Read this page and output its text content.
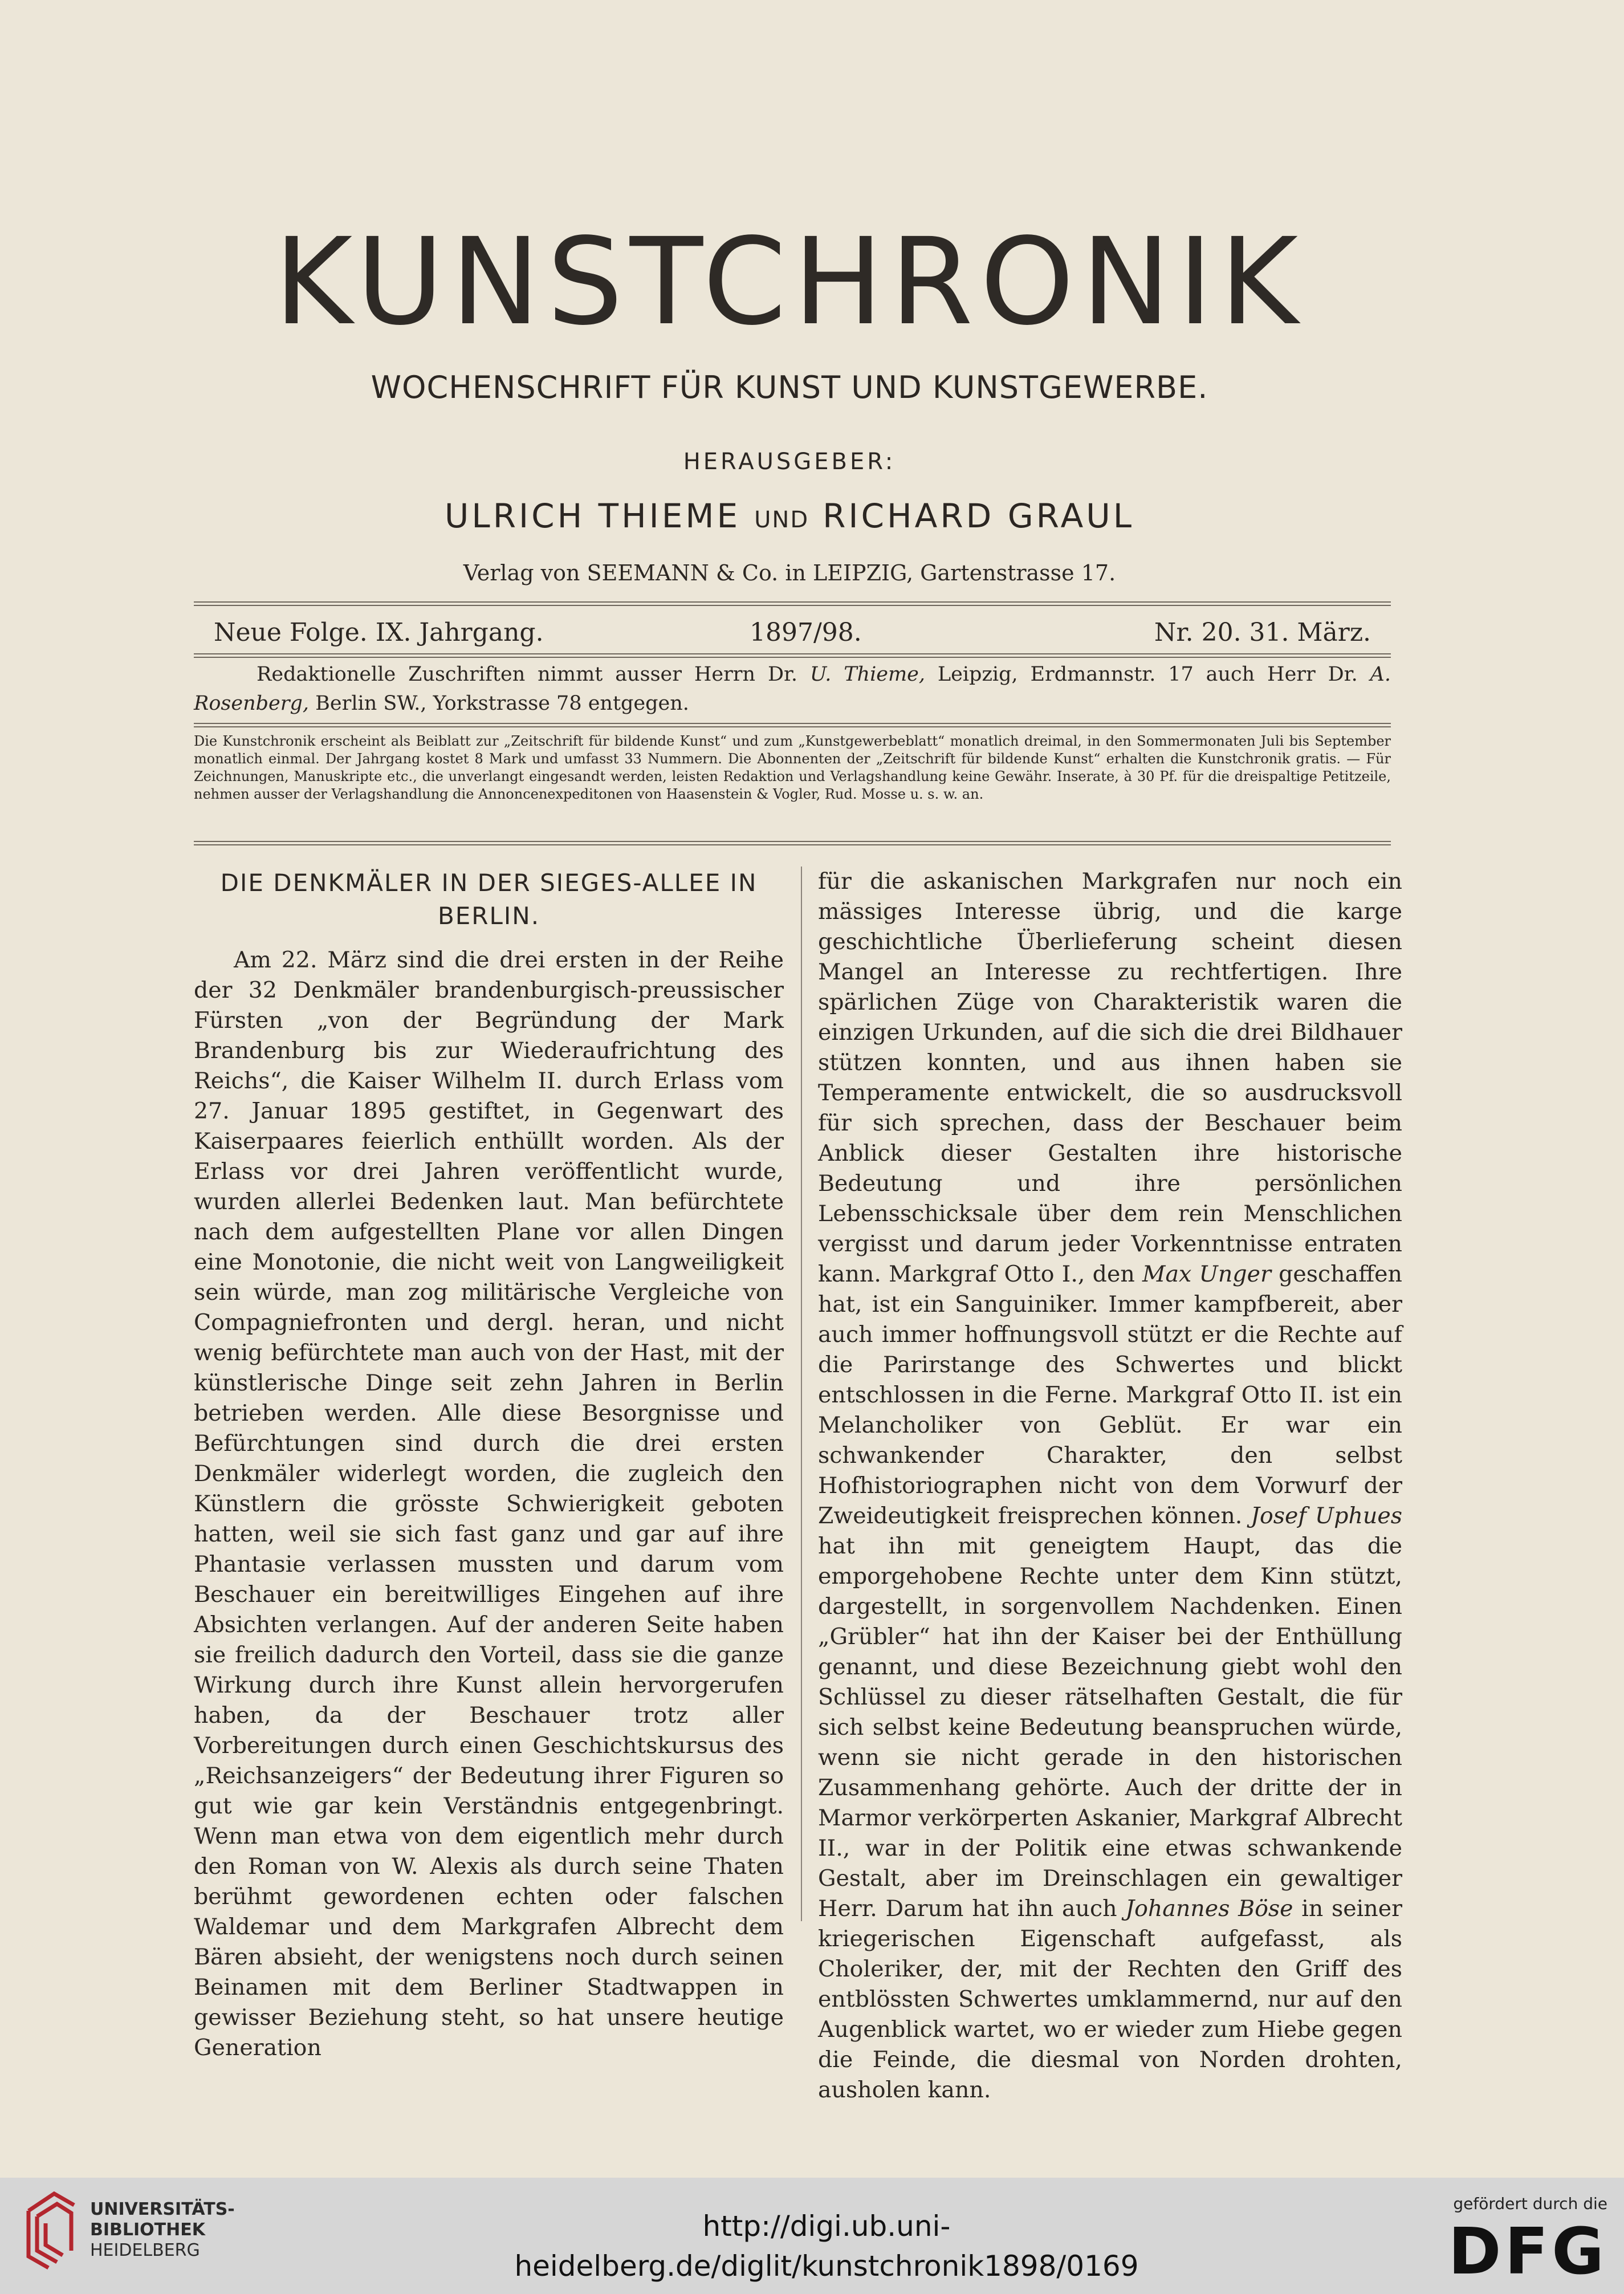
KUNSTCHRONIK
WOCHENSCHRIFT FÜR KUNST UND KUNSTGEWERBE.
HERAUSGEBER:
ULRICH THIEME UND RICHARD GRAUL
Verlag von SEEMANN & Co. in LEIPZIG, Gartenstrasse 17.
Neue Folge. IX. Jahrgang.	1897/98.	Nr. 20. 31. März.
Redaktionelle Zuschriften nimmt ausser Herrn Dr. U. Thieme, Leipzig, Erdmannstr. 17 auch Herr Dr. A. Rosenberg, Berlin SW., Yorkstrasse 78 entgegen.
Die Kunstchronik erscheint als Beiblatt zur „Zeitschrift für bildende Kunst“ und zum „Kunstgewerbeblatt“ monatlich dreimal, in den Sommermonaten Juli bis September monatlich einmal. Der Jahrgang kostet 8 Mark und umfasst 33 Nummern. Die Abonnenten der „Zeitschrift für bildende Kunst“ erhalten die Kunstchronik gratis. — Für Zeichnungen, Manuskripte etc., die unverlangt eingesandt werden, leisten Redaktion und Verlagshandlung keine Gewähr. Inserate, à 30 Pf. für die dreispaltige Petitzeile, nehmen ausser der Verlagshandlung die Annoncenexpeditonen von Haasenstein & Vogler, Rud. Mosse u. s. w. an.
DIE DENKMÄLER IN DER SIEGES-ALLEE IN BERLIN.

Am 22. März sind die drei ersten in der Reihe der 32 Denkmäler brandenburgisch-preussischer Fürsten „von der Begründung der Mark Brandenburg bis zur Wiederaufrichtung des Reichs“, die Kaiser Wilhelm II. durch Erlass vom 27. Januar 1895 gestiftet, in Gegenwart des Kaiserpaares feierlich enthüllt worden. Als der Erlass vor drei Jahren veröffentlicht wurde, wurden allerlei Bedenken laut. Man befürchtete nach dem aufgestellten Plane vor allen Dingen eine Monotonie, die nicht weit von Langweiligkeit sein würde, man zog militärische Vergleiche von Compagniefronten und dergl. heran, und nicht wenig befürchtete man auch von der Hast, mit der künstlerische Dinge seit zehn Jahren in Berlin betrieben werden. Alle diese Besorgnisse und Befürchtungen sind durch die drei ersten Denkmäler widerlegt worden, die zugleich den Künstlern die grösste Schwierigkeit geboten hatten, weil sie sich fast ganz und gar auf ihre Phantasie verlassen mussten und darum vom Beschauer ein bereitwilliges Eingehen auf ihre Absichten verlangen. Auf der anderen Seite haben sie freilich dadurch den Vorteil, dass sie die ganze Wirkung durch ihre Kunst allein hervorgerufen haben, da der Beschauer trotz aller Vorbereitungen durch einen Geschichtskursus des „Reichsanzeigers“ der Bedeutung ihrer Figuren so gut wie gar kein Verständnis entgegenbringt. Wenn man etwa von dem eigentlich mehr durch den Roman von W. Alexis als durch seine Thaten berühmt gewordenen echten oder falschen Waldemar und dem Markgrafen Albrecht dem Bären absieht, der wenigstens noch durch seinen Beinamen mit dem Berliner Stadtwappen in gewisser Beziehung steht, so hat unsere heutige Generation

für die askanischen Markgrafen nur noch ein mässiges Interesse übrig, und die karge geschichtliche Überlieferung scheint diesen Mangel an Interesse zu rechtfertigen. Ihre spärlichen Züge von Charakteristik waren die einzigen Urkunden, auf die sich die drei Bildhauer stützen konnten, und aus ihnen haben sie Temperamente entwickelt, die so ausdrucksvoll für sich sprechen, dass der Beschauer beim Anblick dieser Gestalten ihre historische Bedeutung und ihre persönlichen Lebensschicksale über dem rein Menschlichen vergisst und darum jeder Vorkenntnisse entraten kann. Markgraf Otto I., den Max Unger geschaffen hat, ist ein Sanguiniker. Immer kampfbereit, aber auch immer hoffnungsvoll stützt er die Rechte auf die Parirstange des Schwertes und blickt entschlossen in die Ferne. Markgraf Otto II. ist ein Melancholiker von Geblüt. Er war ein schwankender Charakter, den selbst Hofhistoriographen nicht von dem Vorwurf der Zweideutigkeit freisprechen können. Josef Uphues hat ihn mit geneigtem Haupt, das die emporgehobene Rechte unter dem Kinn stützt, dargestellt, in sorgenvollem Nachdenken. Einen „Grübler“ hat ihn der Kaiser bei der Enthüllung genannt, und diese Bezeichnung giebt wohl den Schlüssel zu dieser rätselhaften Gestalt, die für sich selbst keine Bedeutung beanspruchen würde, wenn sie nicht gerade in den historischen Zusammenhang gehörte. Auch der dritte der in Marmor verkörperten Askanier, Markgraf Albrecht II., war in der Politik eine etwas schwankende Gestalt, aber im Dreinschlagen ein gewaltiger Herr. Darum hat ihn auch Johannes Böse in seiner kriegerischen Eigenschaft aufgefasst, als Choleriker, der, mit der Rechten den Griff des entblössten Schwertes umklammernd, nur auf den Augenblick wartet, wo er wieder zum Hiebe gegen die Feinde, die diesmal von Norden drohten, ausholen kann.

UNIVERSITÄTS-
BIBLIOTHEK
HEIDELBERG
http://digi.ub.uni-heidelberg.de/diglit/kunstchronik1898/0169
gefördert durch die
DFG
